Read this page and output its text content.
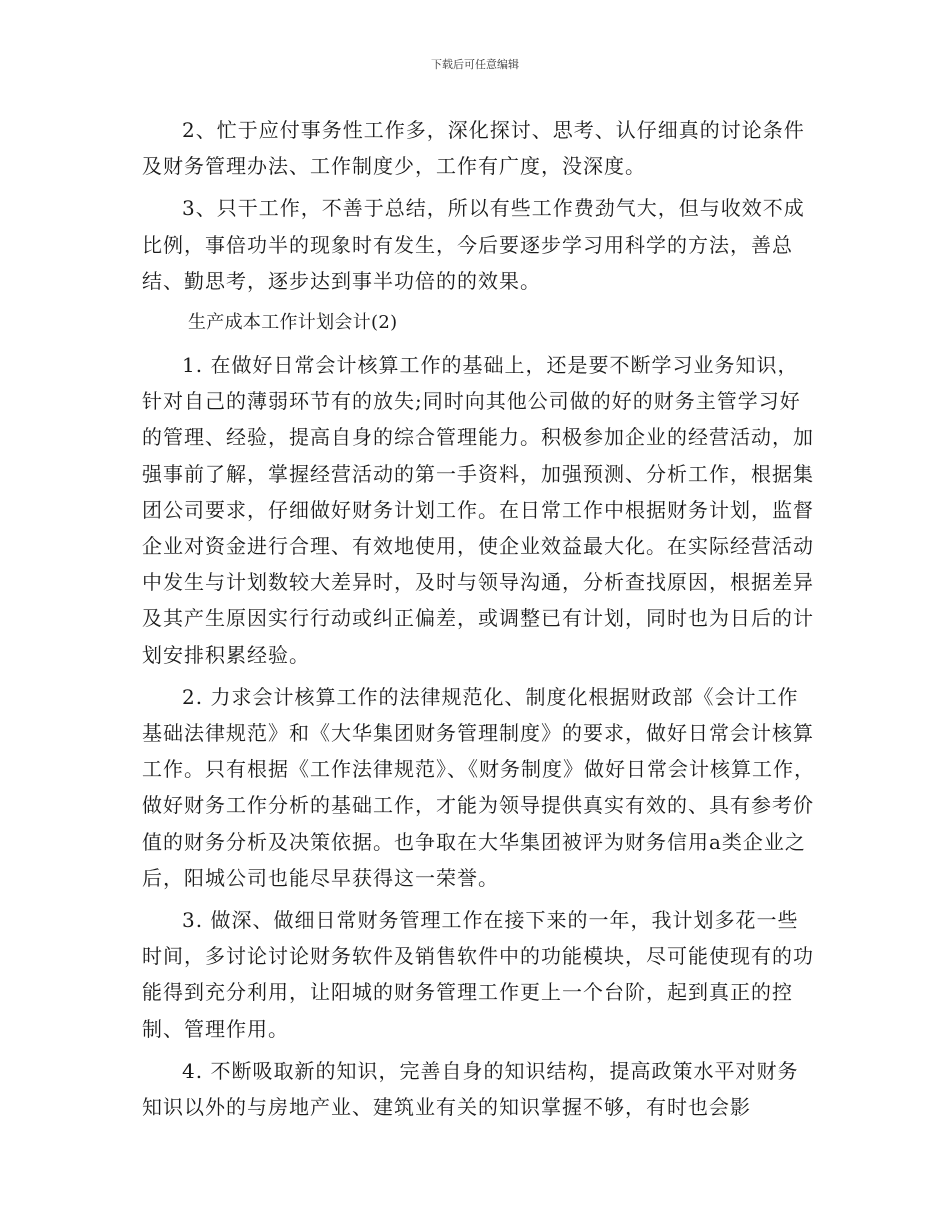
下载后可任意编辑

2、忙于应付事务性工作多，深化探讨、思考、认仔细真的讨论条件及财务管理办法、工作制度少，工作有广度，没深度。

3、只干工作，不善于总结，所以有些工作费劲气大，但与收效不成比例，事倍功半的现象时有发生，今后要逐步学习用科学的方法，善总结、勤思考，逐步达到事半功倍的的效果。

生产成本工作计划会计(2)

1. 在做好日常会计核算工作的基础上，还是要不断学习业务知识，针对自己的薄弱环节有的放失;同时向其他公司做的好的财务主管学习好的管理、经验，提高自身的综合管理能力。积极参加企业的经营活动，加强事前了解，掌握经营活动的第一手资料，加强预测、分析工作，根据集团公司要求，仔细做好财务计划工作。在日常工作中根据财务计划，监督企业对资金进行合理、有效地使用，使企业效益最大化。在实际经营活动中发生与计划数较大差异时，及时与领导沟通，分析查找原因，根据差异及其产生原因实行行动或纠正偏差，或调整已有计划，同时也为日后的计划安排积累经验。

2. 力求会计核算工作的法律规范化、制度化根据财政部《会计工作基础法律规范》和《大华集团财务管理制度》的要求，做好日常会计核算工作。只有根据《工作法律规范》、《财务制度》做好日常会计核算工作，做好财务工作分析的基础工作，才能为领导提供真实有效的、具有参考价值的财务分析及决策依据。也争取在大华集团被评为财务信用a类企业之后，阳城公司也能尽早获得这一荣誉。

3. 做深、做细日常财务管理工作在接下来的一年，我计划多花一些时间，多讨论讨论财务软件及销售软件中的功能模块，尽可能使现有的功能得到充分利用，让阳城的财务管理工作更上一个台阶，起到真正的控制、管理作用。

4. 不断吸取新的知识，完善自身的知识结构，提高政策水平对财务知识以外的与房地产业、建筑业有关的知识掌握不够，有时也会影
